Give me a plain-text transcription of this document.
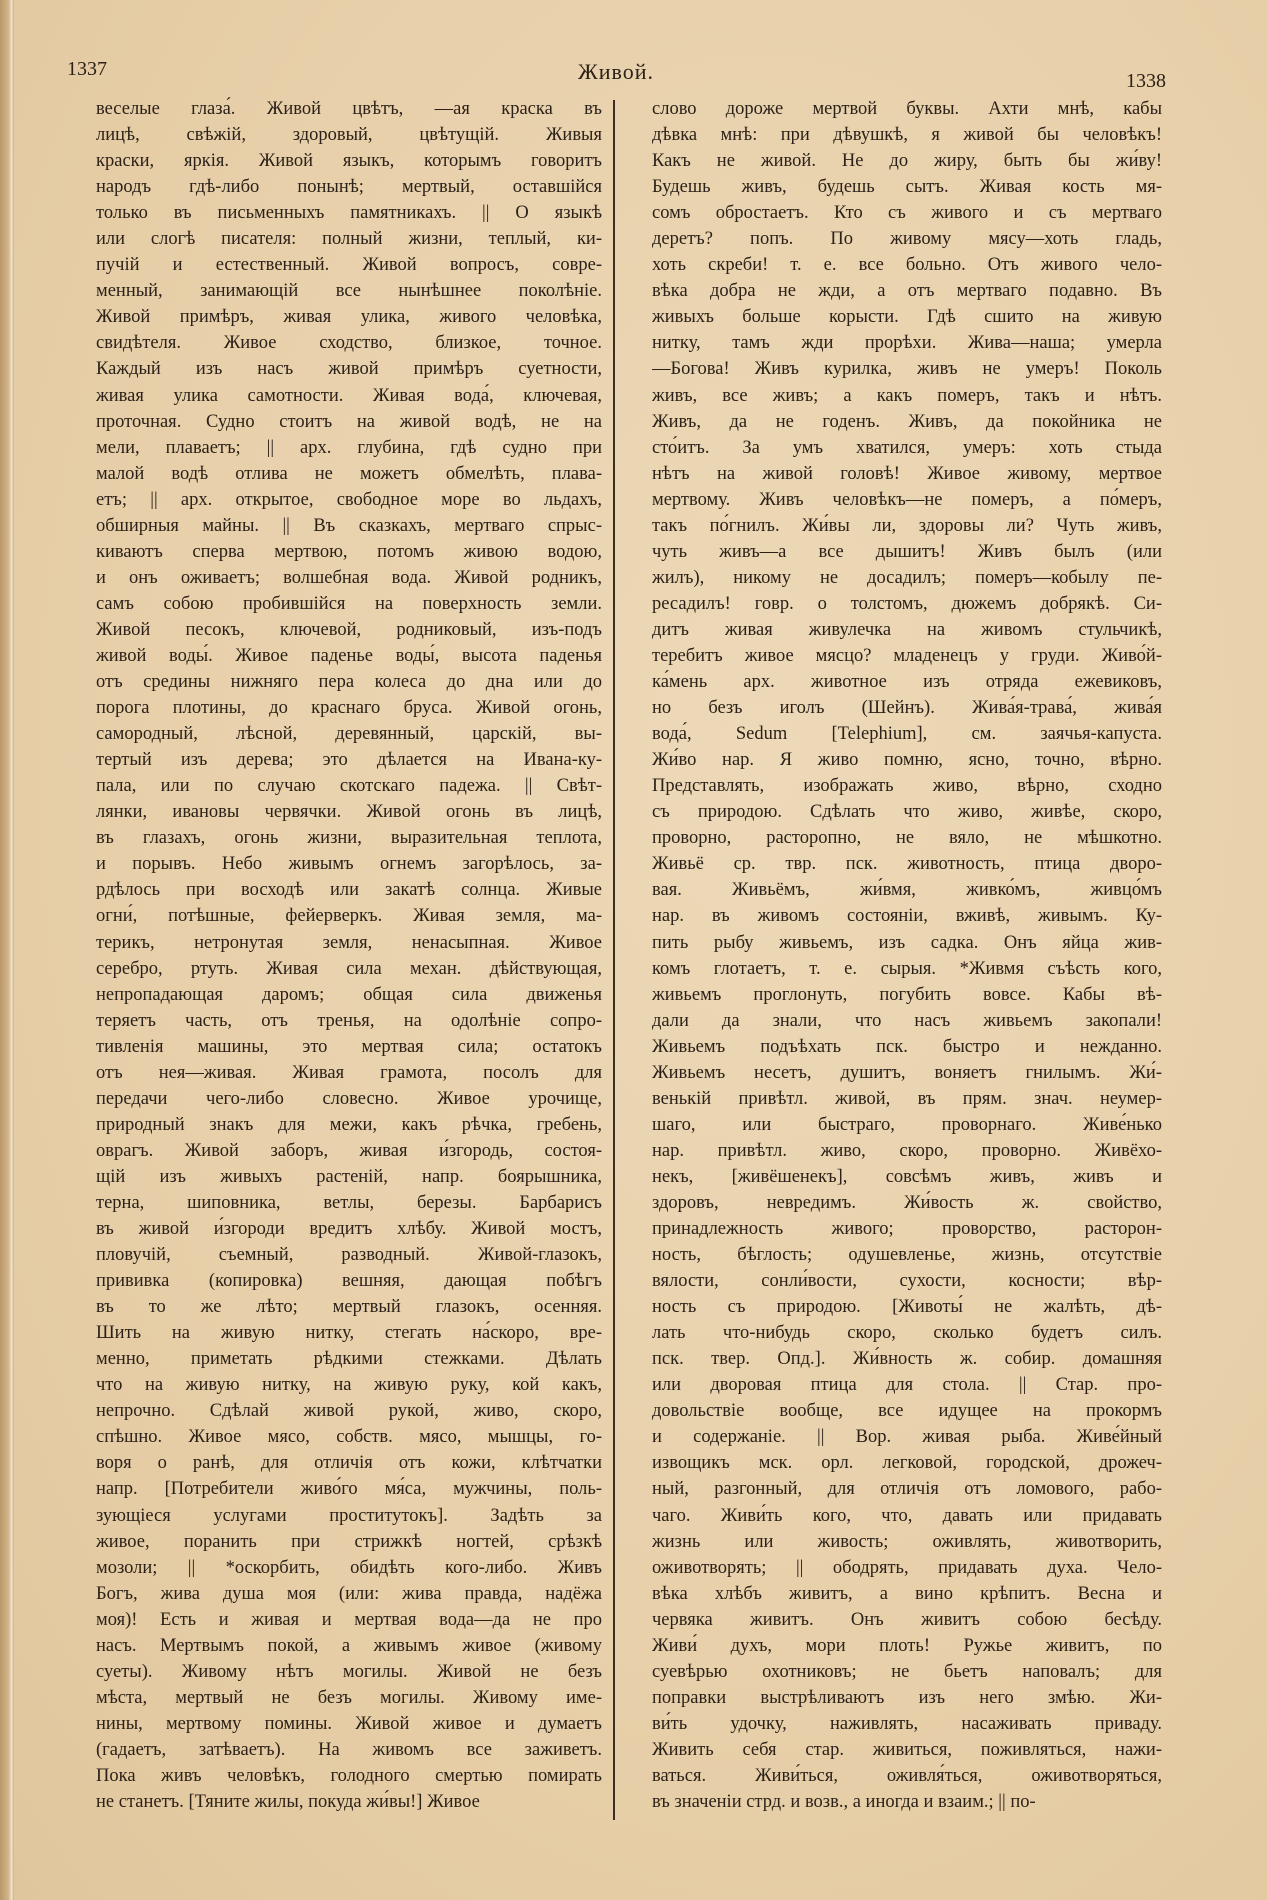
1337	Живой.	1338
веселые глаза́. Живой цвѣтъ, —ая краска въ
лицѣ, свѣжій, здоровый, цвѣтущій. Живыя
краски, яркія. Живой языкъ, которымъ говоритъ
народъ гдѣ-либо понынѣ; мертвый, оставшійся
только въ письменныхъ памятникахъ. || О языкѣ
или слогѣ писателя: полный жизни, теплый, ки-
пучій и естественный. Живой вопросъ, совре-
менный, занимающій все нынѣшнее поколѣніе.
Живой примѣръ, живая улика, живого человѣка,
свидѣтеля. Живое сходство, близкое, точное.
Каждый изъ насъ живой примѣръ суетности,
живая улика самотности. Живая вода́, ключевая,
проточная. Судно стоитъ на живой водѣ, не на
мели, плаваетъ; || арх. глубина, гдѣ судно при
малой водѣ отлива не можетъ обмелѣть, плава-
етъ; || арх. открытое, свободное море во льдахъ,
обширныя майны. || Въ сказкахъ, мертваго спрыс-
киваютъ сперва мертвою, потомъ живою водою,
и онъ оживаетъ; волшебная вода. Живой родникъ,
самъ собою пробившійся на поверхность земли.
Живой песокъ, ключевой, родниковый, изъ-подъ
живой воды́. Живое паденье воды́, высота паденья
отъ средины нижняго пера колеса до дна или до
порога плотины, до краснаго бруса. Живой огонь,
самородный, лѣсной, деревянный, царскій, вы-
тертый изъ дерева; это дѣлается на Ивана-ку-
пала, или по случаю скотскаго падежа. || Свѣт-
лянки, ивановы червячки. Живой огонь въ лицѣ,
въ глазахъ, огонь жизни, выразительная теплота,
и порывъ. Небо живымъ огнемъ загорѣлось, за-
рдѣлось при восходѣ или закатѣ солнца. Живые
огни́, потѣшные, фейерверкъ. Живая земля, ма-
терикъ, нетронутая земля, ненасыпная. Живое
серебро, ртуть. Живая сила механ. дѣйствующая,
непропадающая даромъ; общая сила движенья
теряетъ часть, отъ тренья, на одолѣніе сопро-
тивленія машины, это мертвая сила; остатокъ
отъ нея—живая. Живая грамота, посолъ для
передачи чего-либо словесно. Живое урочище,
природный знакъ для межи, какъ рѣчка, гребень,
оврагъ. Живой заборъ, живая и́згородь, состоя-
щій изъ живыхъ растеній, напр. боярышника,
терна, шиповника, ветлы, березы. Барбарисъ
въ живой и́згороди вредитъ хлѣбу. Живой мостъ,
пловучій, съемный, разводный. Живой-глазокъ,
прививка (копировка) вешняя, дающая побѣгъ
въ то же лѣто; мертвый глазокъ, осенняя.
Шить на живую нитку, стегать на́скоро, вре-
менно, приметать рѣдкими стежками. Дѣлать
что на живую нитку, на живую руку, кой какъ,
непрочно. Сдѣлай живой рукой, живо, скоро,
спѣшно. Живое мясо, собств. мясо, мышцы, го-
воря о ранѣ, для отличія отъ кожи, клѣтчатки
напр. [Потребители живо́го мя́са, мужчины, поль-
зующіеся услугами проститутокъ]. Задѣть за
живое, поранить при стрижкѣ ногтей, срѣзкѣ
мозоли; || *оскорбить, обидѣть кого-либо. Живъ
Богъ, жива душа моя (или: жива правда, надёжа
моя)! Есть и живая и мертвая вода—да не про
насъ. Мертвымъ покой, а живымъ живое (живому
суеты). Живому нѣтъ могилы. Живой не безъ
мѣста, мертвый не безъ могилы. Живому име-
нины, мертвому помины. Живой живое и думаетъ
(гадаетъ, затѣваетъ). На живомъ все заживетъ.
Пока живъ человѣкъ, голодного смертью помирать
не станетъ. [Тяните жилы, покуда жи́вы!] Живое
слово дороже мертвой буквы. Ахти мнѣ, кабы
дѣвка мнѣ: при дѣвушкѣ, я живой бы человѣкъ!
Какъ не живой. Не до жиру, быть бы жи́ву!
Будешь живъ, будешь сытъ. Живая кость мя-
сомъ обростаетъ. Кто съ живого и съ мертваго
деретъ? попъ. По живому мясу—хоть гладь,
хоть скреби! т. е. все больно. Отъ живого чело-
вѣка добра не жди, а отъ мертваго подавно. Въ
живыхъ больше корысти. Гдѣ сшито на живую
нитку, тамъ жди прорѣхи. Жива—наша; умерла
—Богова! Живъ курилка, живъ не умеръ! Поколь
живъ, все живъ; а какъ померъ, такъ и нѣтъ.
Живъ, да не годенъ. Живъ, да покойника не
сто́итъ. За умъ хватился, умеръ: хоть стыда
нѣтъ на живой головѣ! Живое живому, мертвое
мертвому. Живъ человѣкъ—не померъ, а по́меръ,
такъ по́гнилъ. Жи́вы ли, здоровы ли? Чуть живъ,
чуть живъ—а все дышитъ! Живъ былъ (или
жилъ), никому не досадилъ; померъ—кобылу пе-
ресадилъ! говр. о толстомъ, дюжемъ добрякѣ. Си-
дитъ живая живулечка на живомъ стульчикѣ,
теребитъ живое мясцо? младенецъ у груди. Живо́й-
ка́мень арх. животное изъ отряда ежевиковъ,
но безъ иголъ (Шейнъ). Жива́я-трава́, жива́я
вода́, Sedum [Telephium], см. заячья-капуста.
Жи́во нар. Я живо помню, ясно, точно, вѣрно.
Представлять, изображать живо, вѣрно, сходно
съ природою. Сдѣлать что живо, живѣе, скоро,
проворно, расторопно, не вяло, не мѣшкотно.
Живьё ср. твр. пск. животность, птица дворо-
вая. Живьёмъ, жи́вмя, живко́мъ, живцо́мъ
нар. въ живомъ состояніи, вживѣ, живымъ. Ку-
пить рыбу живьемъ, изъ садка. Онъ яйца жив-
комъ глотаетъ, т. е. сырыя. *Живмя съѣсть кого,
живьемъ проглонуть, погубить вовсе. Кабы вѣ-
дали да знали, что насъ живьемъ закопали!
Живьемъ подъѣхать пск. быстро и нежданно.
Живьемъ несетъ, душитъ, воняетъ гнилымъ. Жи́-
венькій привѣтл. живой, въ прям. знач. неумер-
шаго, или быстраго, проворнаго. Живе́нько
нар. привѣтл. живо, скоро, проворно. Живёхо-
некъ, [живёшенекъ], совсѣмъ живъ, живъ и
здоровъ, невредимъ. Жи́вость ж. свойство,
принадлежность живого; проворство, расторон-
ность, бѣглость; одушевленье, жизнь, отсутствіе
вялости, сонли́вости, сухости, косности; вѣр-
ность съ природою. [Животы́ не жалѣть, дѣ-
лать что-нибудь скоро, сколько будетъ силъ.
пск. твер. Опд.]. Жи́вность ж. собир. домашняя
или дворовая птица для стола. || Стар. про-
довольствіе вообще, все идущее на прокормъ
и содержаніе. || Вор. живая рыба. Живе́йный
извощикъ мск. орл. легковой, городской, дрожеч-
ный, разгонный, для отличія отъ ломового, рабо-
чаго. Живи́ть кого, что, давать или придавать
жизнь или живость; оживлять, животворить,
оживотворять; || ободрять, придавать духа. Чело-
вѣка хлѣбъ живитъ, а вино крѣпитъ. Весна и
червяка живитъ. Онъ живитъ собою бесѣду.
Живи́ духъ, мори плоть! Ружье живитъ, по
суевѣрью охотниковъ; не бьетъ наповалъ; для
поправки выстрѣливаютъ изъ него змѣю. Жи-
ви́ть удочку, наживлять, насаживать приваду.
Живить себя стар. живиться, поживляться, нажи-
ваться. Живи́ться, оживля́ться, оживотворяться,
въ значеніи стрд. и возв., а иногда и взаим.; || по-
